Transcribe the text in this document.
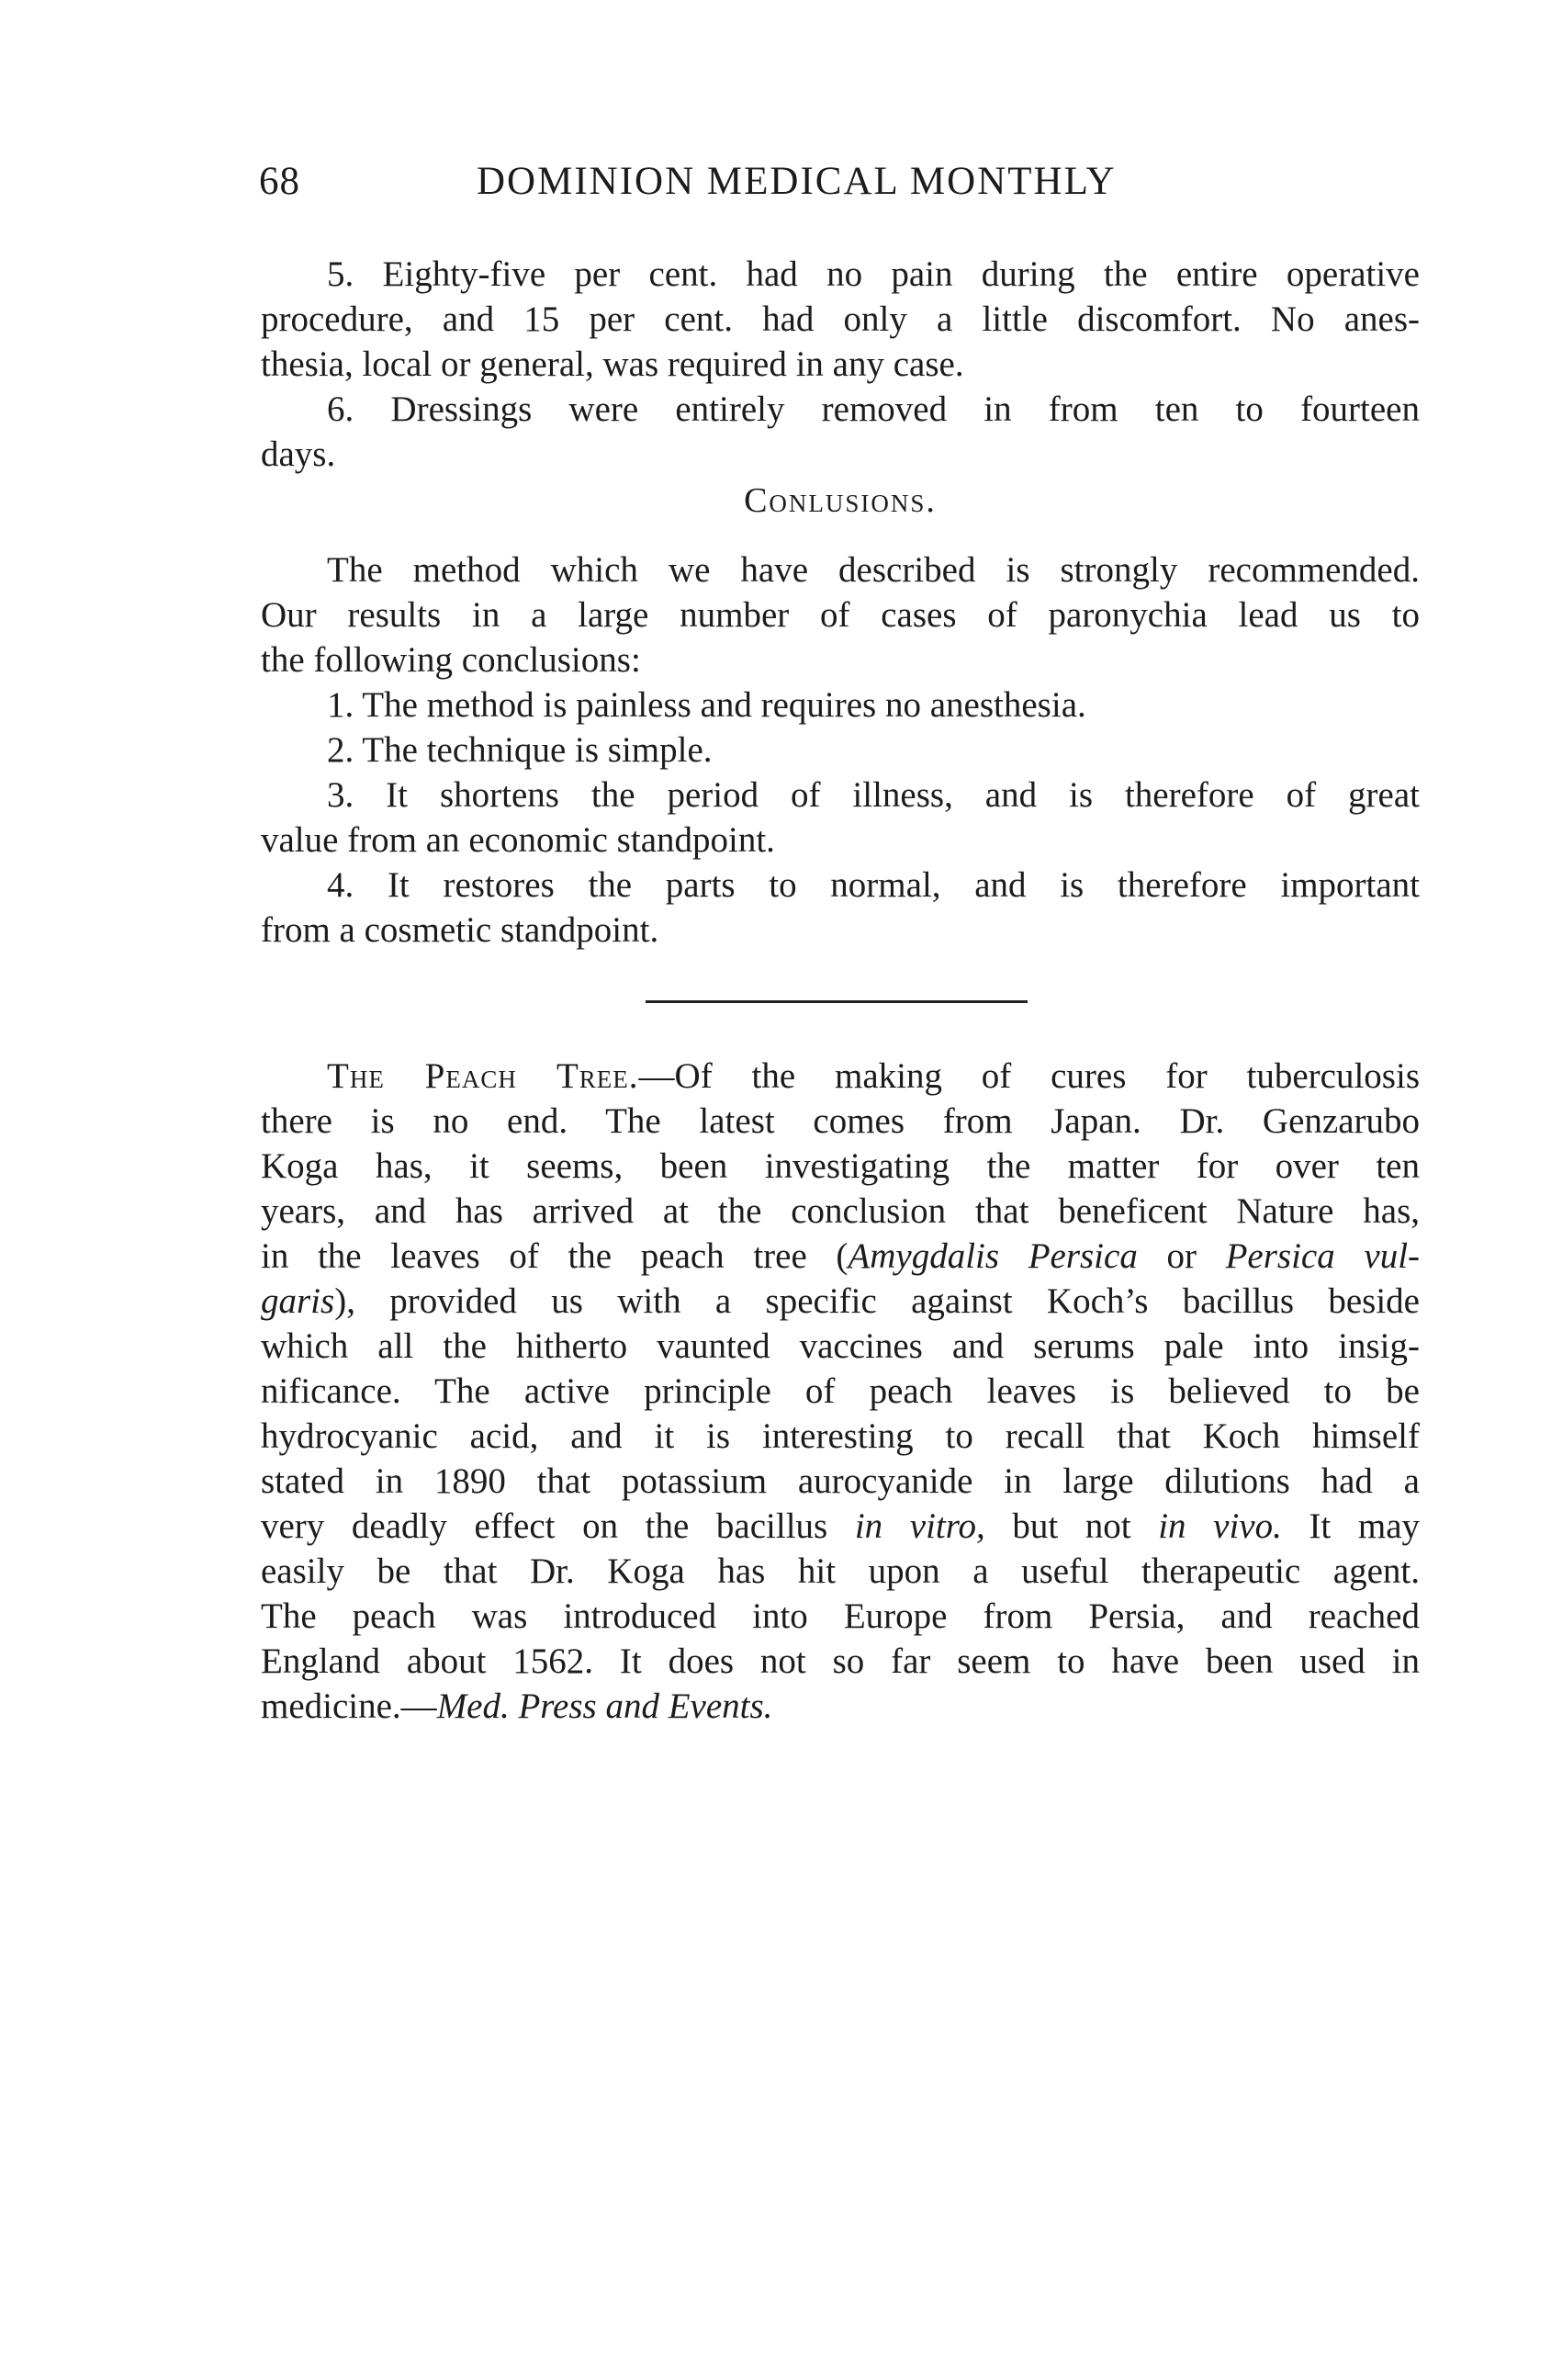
68	DOMINION MEDICAL MONTHLY
5. Eighty-five per cent. had no pain during the entire operative
procedure, and 15 per cent. had only a little discomfort. No anes-
thesia, local or general, was required in any case.
6. Dressings were entirely removed in from ten to fourteen
days.
Conlusions.
The method which we have described is strongly recommended.
Our results in a large number of cases of paronychia lead us to
the following conclusions:
1. The method is painless and requires no anesthesia.
2. The technique is simple.
3. It shortens the period of illness, and is therefore of great
value from an economic standpoint.
4. It restores the parts to normal, and is therefore important
from a cosmetic standpoint.
The Peach Tree.—Of the making of cures for tuberculosis
there is no end. The latest comes from Japan. Dr. Genzarubo
Koga has, it seems, been investigating the matter for over ten
years, and has arrived at the conclusion that beneficent Nature has,
in the leaves of the peach tree (Amygdalis Persica or Persica vul-
garis), provided us with a specific against Koch’s bacillus beside
which all the hitherto vaunted vaccines and serums pale into insig-
nificance. The active principle of peach leaves is believed to be
hydrocyanic acid, and it is interesting to recall that Koch himself
stated in 1890 that potassium aurocyanide in large dilutions had a
very deadly effect on the bacillus in vitro, but not in vivo. It may
easily be that Dr. Koga has hit upon a useful therapeutic agent.
The peach was introduced into Europe from Persia, and reached
England about 1562. It does not so far seem to have been used in
medicine.—Med. Press and Events.
